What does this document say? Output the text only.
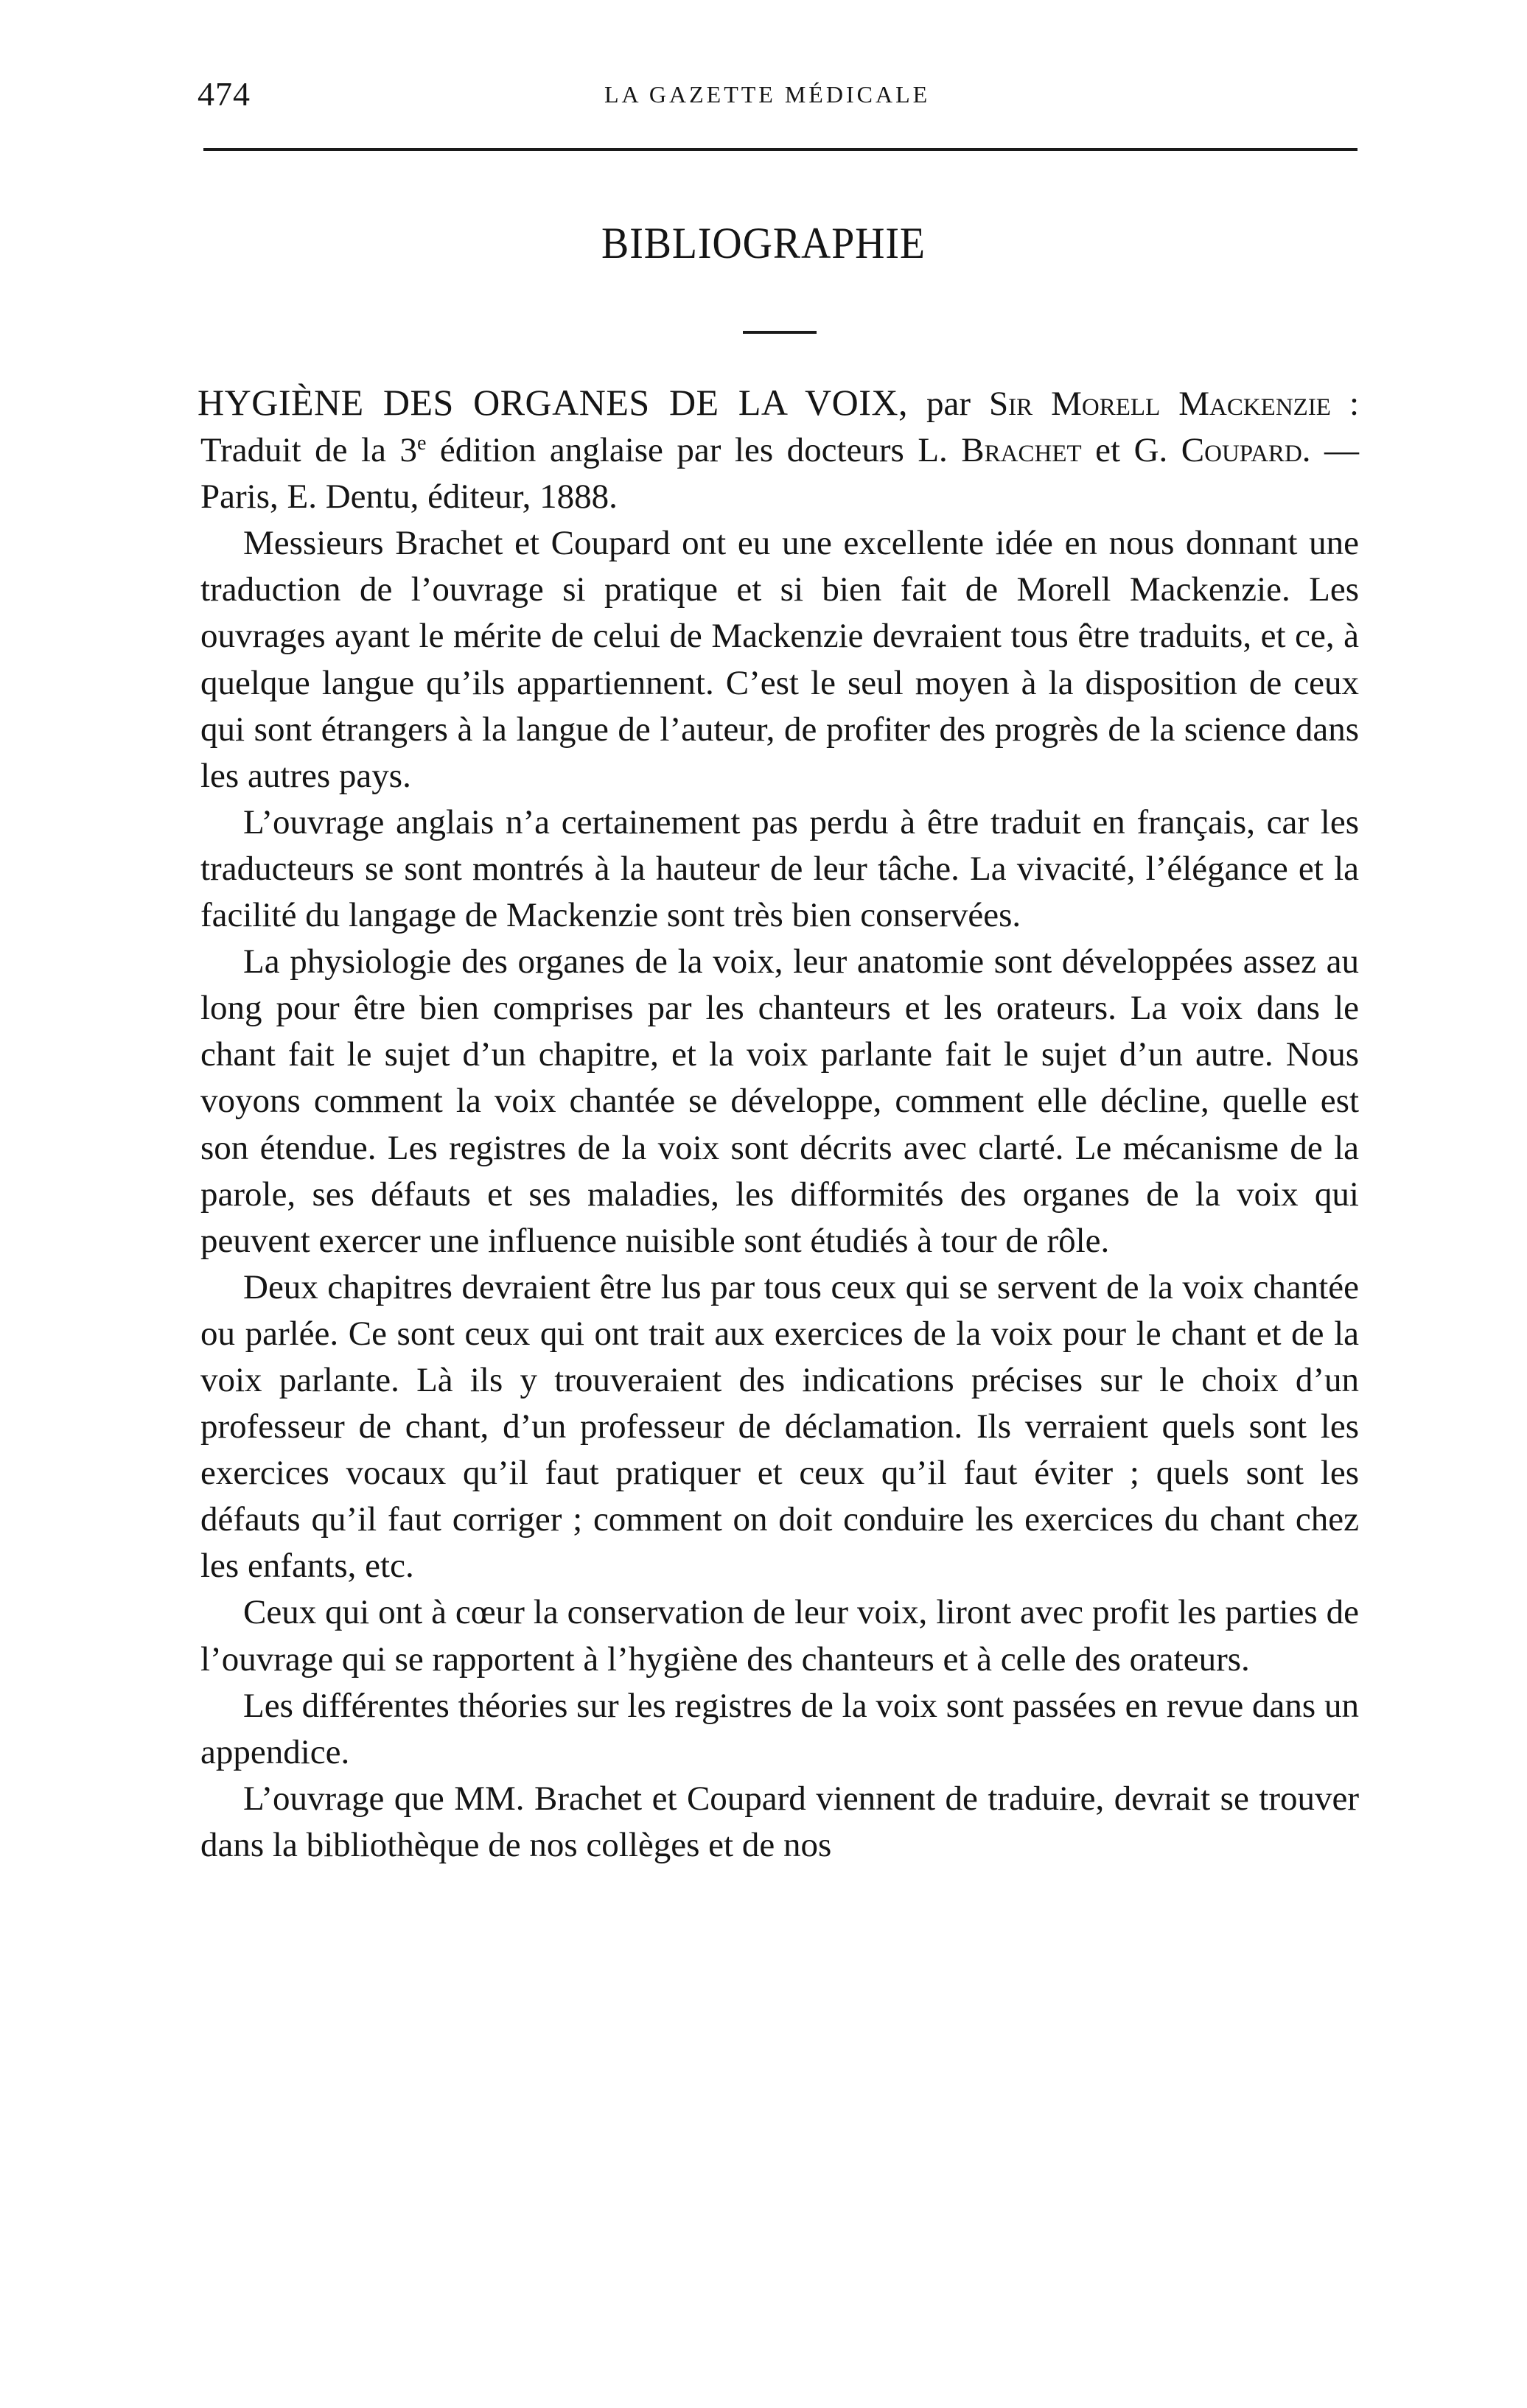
474	LA GAZETTE MÉDICALE
BIBLIOGRAPHIE

HYGIÈNE DES ORGANES DE LA VOIX, par Sir Morell Mackenzie : Traduit de la 3e édition anglaise par les docteurs L. Brachet et G. Coupard. — Paris, E. Dentu, éditeur, 1888.

Messieurs Brachet et Coupard ont eu une excellente idée en nous donnant une traduction de l’ouvrage si pratique et si bien fait de Morell Mackenzie. Les ouvrages ayant le mérite de celui de Mackenzie devraient tous être traduits, et ce, à quelque langue qu’ils appartiennent. C’est le seul moyen à la disposition de ceux qui sont étrangers à la langue de l’auteur, de profiter des progrès de la science dans les autres pays.

L’ouvrage anglais n’a certainement pas perdu à être traduit en français, car les traducteurs se sont montrés à la hauteur de leur tâche. La vivacité, l’élégance et la facilité du langage de Mackenzie sont très bien conservées.

La physiologie des organes de la voix, leur anatomie sont développées assez au long pour être bien comprises par les chanteurs et les orateurs. La voix dans le chant fait le sujet d’un chapitre, et la voix parlante fait le sujet d’un autre. Nous voyons comment la voix chantée se développe, comment elle décline, quelle est son étendue. Les registres de la voix sont décrits avec clarté. Le mécanisme de la parole, ses défauts et ses maladies, les difformités des organes de la voix qui peuvent exercer une influence nuisible sont étudiés à tour de rôle.

Deux chapitres devraient être lus par tous ceux qui se servent de la voix chantée ou parlée. Ce sont ceux qui ont trait aux exercices de la voix pour le chant et de la voix parlante. Là ils y trouveraient des indications précises sur le choix d’un professeur de chant, d’un professeur de déclamation. Ils verraient quels sont les exercices vocaux qu’il faut pratiquer et ceux qu’il faut éviter ; quels sont les défauts qu’il faut corriger ; comment on doit conduire les exercices du chant chez les enfants, etc.

Ceux qui ont à cœur la conservation de leur voix, liront avec profit les parties de l’ouvrage qui se rapportent à l’hygiène des chanteurs et à celle des orateurs.

Les différentes théories sur les registres de la voix sont passées en revue dans un appendice.

L’ouvrage que MM. Brachet et Coupard viennent de traduire, devrait se trouver dans la bibliothèque de nos collèges et de nos
